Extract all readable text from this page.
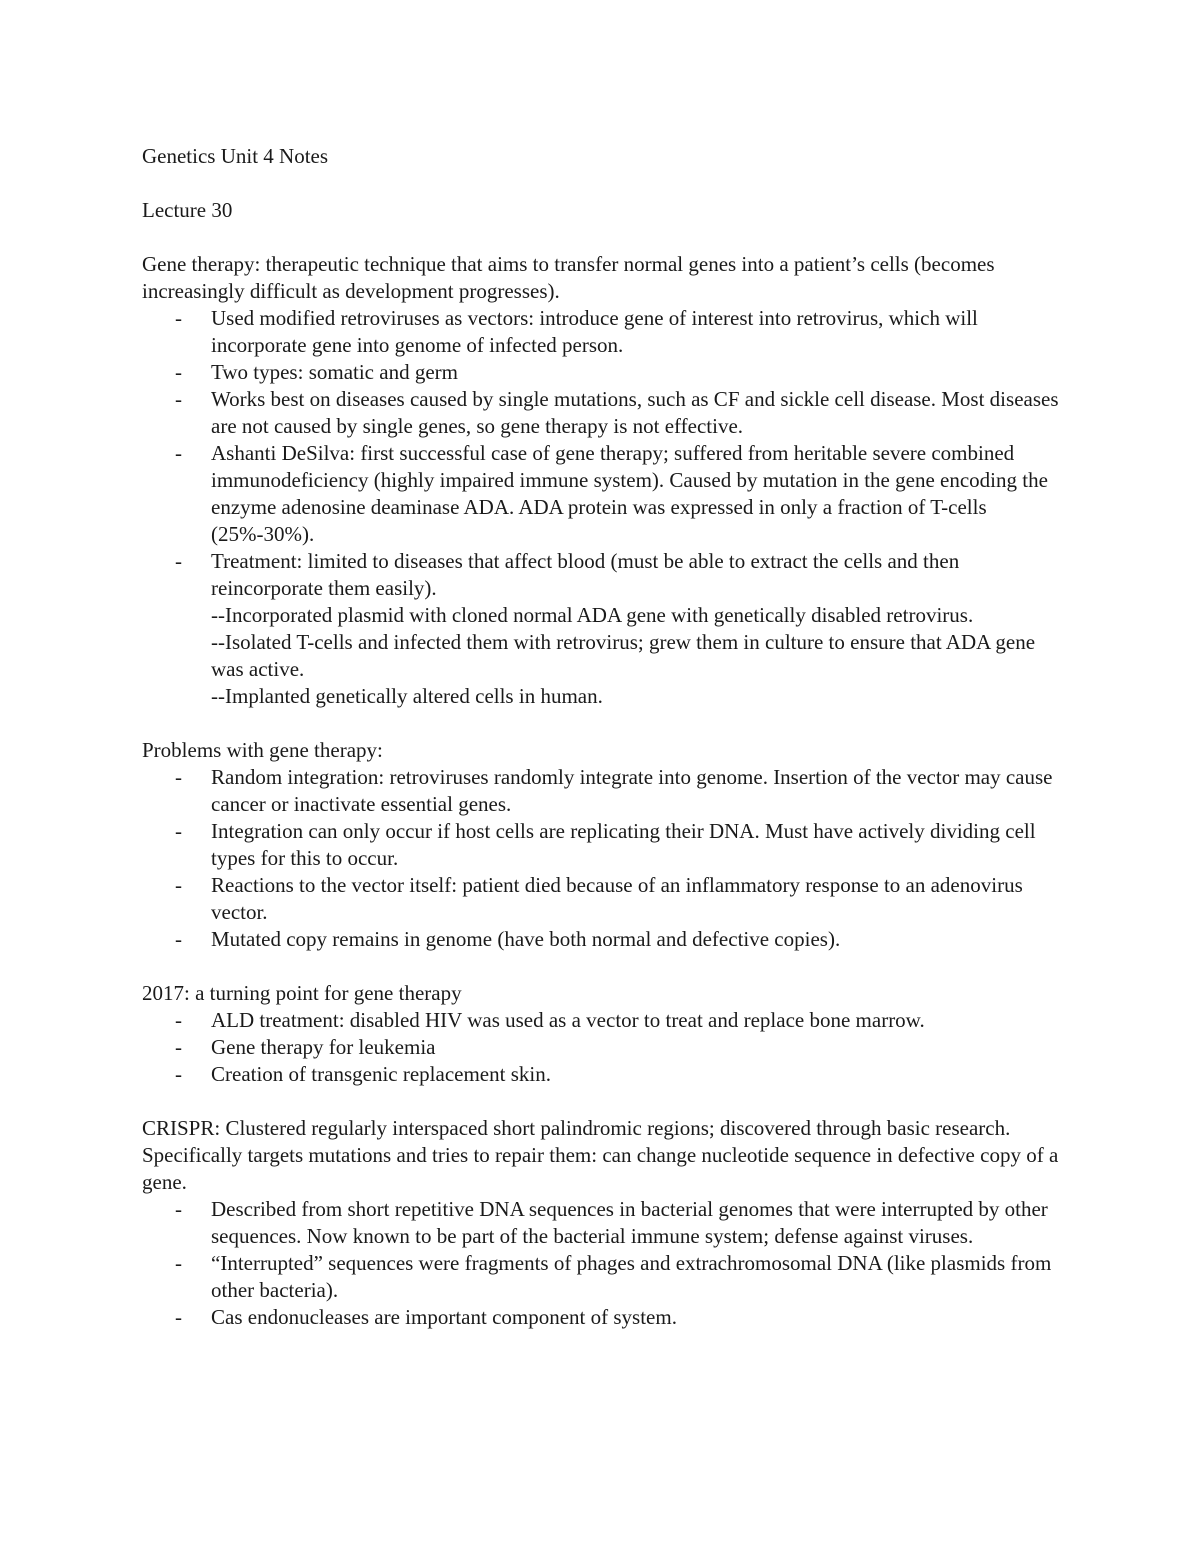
Genetics Unit 4 Notes

Lecture 30

Gene therapy: therapeutic technique that aims to transfer normal genes into a patient’s cells (becomes increasingly difficult as development progresses).

- Used modified retroviruses as vectors: introduce gene of interest into retrovirus, which will incorporate gene into genome of infected person.
- Two types: somatic and germ
- Works best on diseases caused by single mutations, such as CF and sickle cell disease. Most diseases are not caused by single genes, so gene therapy is not effective.
- Ashanti DeSilva: first successful case of gene therapy; suffered from heritable severe combined immunodeficiency (highly impaired immune system). Caused by mutation in the gene encoding the enzyme adenosine deaminase ADA. ADA protein was expressed in only a fraction of T-cells (25%-30%).
- Treatment: limited to diseases that affect blood (must be able to extract the cells and then reincorporate them easily).
--Incorporated plasmid with cloned normal ADA gene with genetically disabled retrovirus.
--Isolated T-cells and infected them with retrovirus; grew them in culture to ensure that ADA gene was active.
--Implanted genetically altered cells in human.

Problems with gene therapy:

- Random integration: retroviruses randomly integrate into genome. Insertion of the vector may cause cancer or inactivate essential genes.
- Integration can only occur if host cells are replicating their DNA. Must have actively dividing cell types for this to occur.
- Reactions to the vector itself: patient died because of an inflammatory response to an adenovirus vector.
- Mutated copy remains in genome (have both normal and defective copies).

2017: a turning point for gene therapy

- ALD treatment: disabled HIV was used as a vector to treat and replace bone marrow.
- Gene therapy for leukemia
- Creation of transgenic replacement skin.

CRISPR: Clustered regularly interspaced short palindromic regions; discovered through basic research. Specifically targets mutations and tries to repair them: can change nucleotide sequence in defective copy of a gene.

- Described from short repetitive DNA sequences in bacterial genomes that were interrupted by other sequences. Now known to be part of the bacterial immune system; defense against viruses.
- “Interrupted” sequences were fragments of phages and extrachromosomal DNA (like plasmids from other bacteria).
- Cas endonucleases are important component of system.
